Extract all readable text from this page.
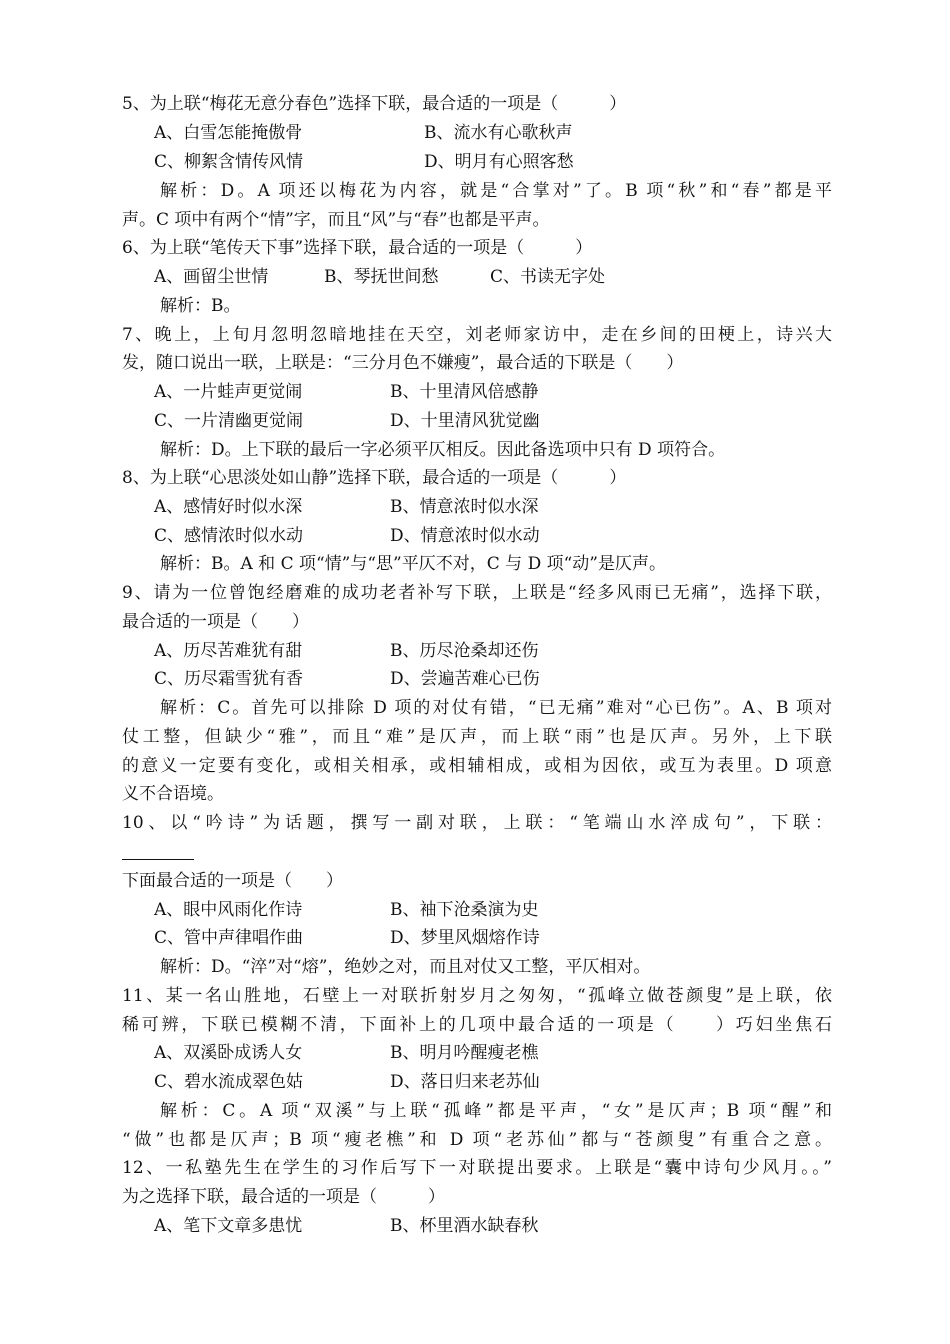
5、为上联“梅花无意分春色”选择下联，最合适的一项是（　　　）
A、白雪怎能掩傲骨	B、流水有心歌秋声
C、柳絮含情传风情	D、明月有心照客愁
解析：D。A 项还以梅花为内容，就是“合掌对”了。B 项“秋”和“春”都是平
声。C 项中有两个“情”字，而且“风”与“春”也都是平声。
6、为上联“笔传天下事”选择下联，最合适的一项是（　　　）
A、画留尘世情	B、琴抚世间愁	C、书读无字处
解析：B。
7、晚上，上旬月忽明忽暗地挂在天空，刘老师家访中，走在乡间的田梗上，诗兴大
发，随口说出一联，上联是：“三分月色不嫌瘦”，最合适的下联是（　　）
A、一片蛙声更觉闹	B、十里清风倍感静
C、一片清幽更觉闹	D、十里清风犹觉幽
解析：D。上下联的最后一字必须平仄相反。因此备选项中只有 D 项符合。
8、为上联“心思淡处如山静”选择下联，最合适的一项是（　　　）
A、感情好时似水深	B、情意浓时似水深
C、感情浓时似水动	D、情意浓时似水动
解析：B。A 和 C 项“情”与“思”平仄不对，C 与 D 项“动”是仄声。
9、请为一位曾饱经磨难的成功老者补写下联，上联是“经多风雨已无痛”，选择下联，
最合适的一项是（　　）
A、历尽苦难犹有甜	B、历尽沧桑却还伤
C、历尽霜雪犹有香	D、尝遍苦难心已伤
解析：C。首先可以排除 D 项的对仗有错，“已无痛”难对“心已伤”。A、B 项对
仗工整，但缺少“雅”，而且“难”是仄声，而上联“雨”也是仄声。另外，上下联
的意义一定要有变化，或相关相承，或相辅相成，或相为因依，或互为表里。D 项意
义不合语境。
10、以“吟诗”为话题，撰写一副对联，上联：“笔端山水淬成句”，下联：
下面最合适的一项是（　　）
A、眼中风雨化作诗	B、袖下沧桑演为史
C、管中声律唱作曲	D、梦里风烟熔作诗
解析：D。“淬”对“熔”，绝妙之对，而且对仗又工整，平仄相对。
11、某一名山胜地，石壁上一对联折射岁月之匆匆，“孤峰立做苍颜叟”是上联，依
稀可辨，下联已模糊不清，下面补上的几项中最合适的一项是（　　）巧妇坐焦石
A、双溪卧成诱人女	B、明月吟醒瘦老樵
C、碧水流成翠色姑	D、落日归来老苏仙
解析：C。A 项“双溪”与上联“孤峰”都是平声，“女”是仄声；B 项“醒”和
“做”也都是仄声；B 项“瘦老樵”和 D 项“老苏仙”都与“苍颜叟”有重合之意。
12、一私塾先生在学生的习作后写下一对联提出要求。上联是“囊中诗句少风月。。”
为之选择下联，最合适的一项是（　　　）
A、笔下文章多患忧	B、杯里酒水缺春秋
